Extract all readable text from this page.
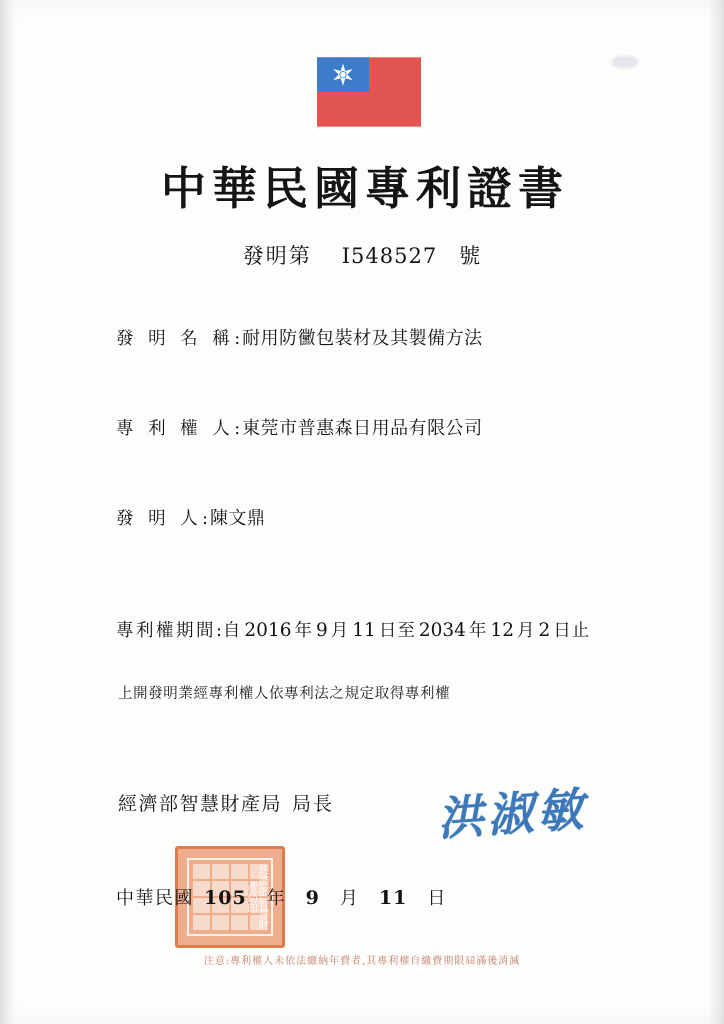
中華民國專利證書
發明第 I548527 號
發 明 名 稱 : 耐用防黴包裝材及其製備方法
專 利 權 人 : 東莞市普惠森日用品有限公司
發 明 人 : 陳文鼎
專利權期間 : 自 2016 年 9 月 11 日 至 2034 年 12 月 2 日 止
上開發明業經專利權人依專利法之規定取得專利權
經濟部智慧財產局 局長 洪淑敏
經濟部智慧財產局印
中華民國 105	年	9	月	11	日
注意:專利權人未依法繳納年費者,其專利權自繳費期限屆滿後消滅
